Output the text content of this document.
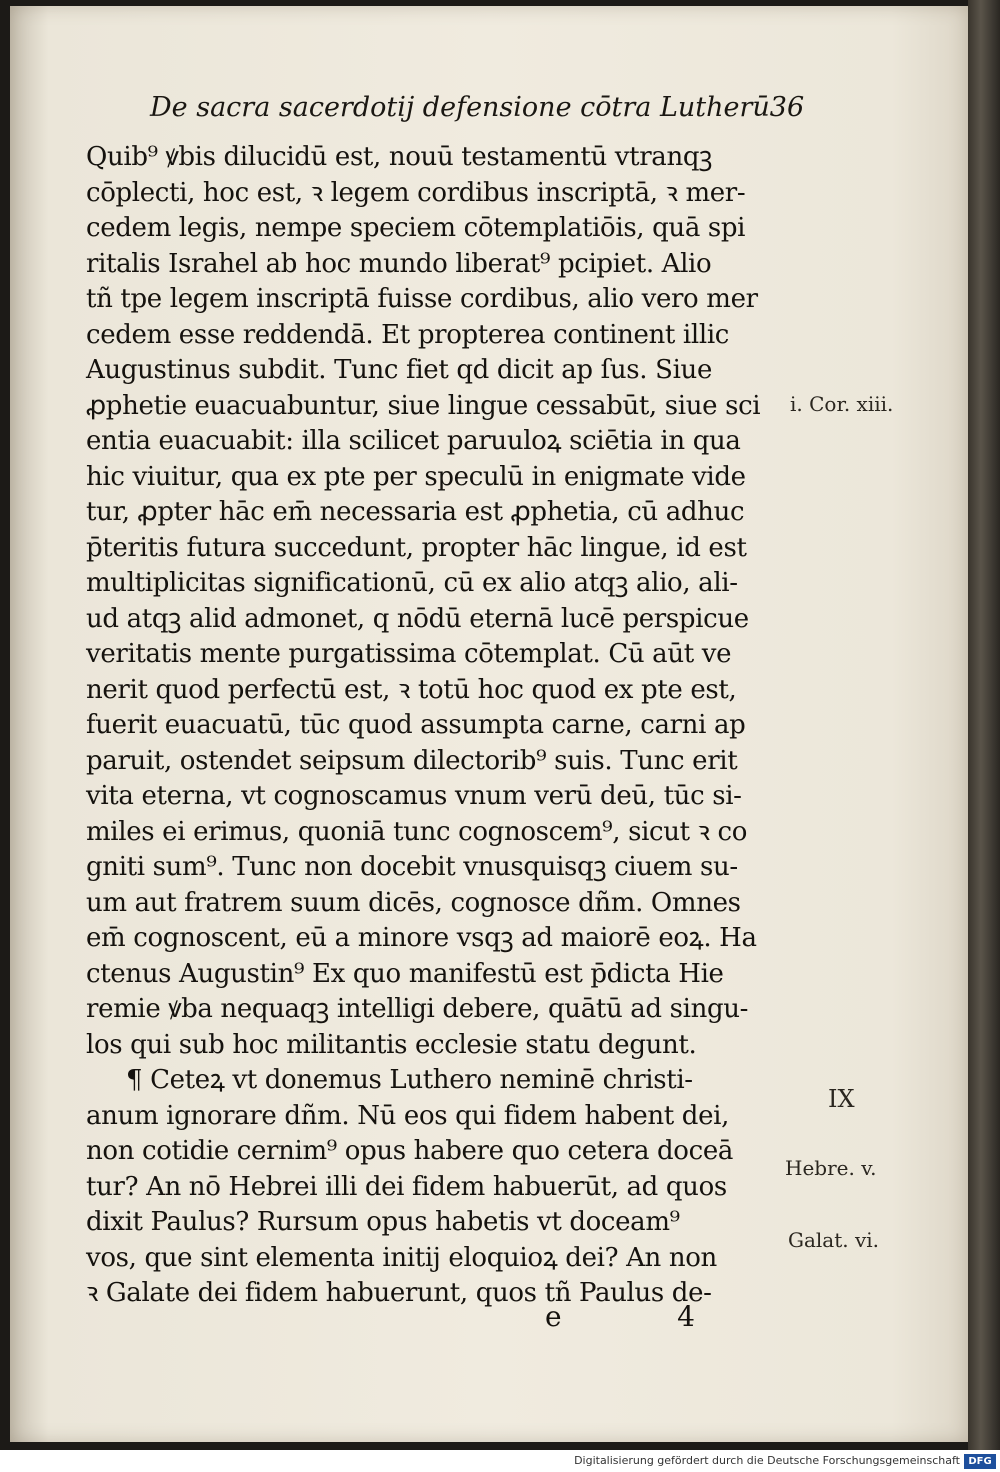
De sacra sacerdotij defensione cōtra Lutherū 36
Quib⁹ ꝟbis dilucidū est, nouū testamentū vtranqꝫ
cōplecti, hoc est, ꝛ legem cordibus inscriptā, ꝛ mer-
cedem legis, nempe speciem cōtemplatiōis, quā spi
ritalis Israhel ab hoc mundo liberat⁹ pcipiet. Alio
tñ tpe legem inscriptā fuisse cordibus, alio vero mer
cedem esse reddendā. Et propterea continent illic
Augustinus subdit. Tunc fiet qd dicit ap ſus. Siue
ꝓphetie euacuabuntur, siue lingue cessabūt, siue sci
entia euacuabit: illa scilicet paruuloꝝ sciētia in qua
hic viuitur, qua ex pte per speculū in enigmate vide
tur, ꝓpter hāc em̄ necessaria est ꝓphetia, cū adhuc
p̄teritis futura succedunt, propter hāc lingue, id est
multiplicitas significationū, cū ex alio atqꝫ alio, ali-
ud atqꝫ alid admonet, q nōdū eternā lucē perspicue
veritatis mente purgatissima cōtemplat. Cū aūt ve
nerit quod perfectū est, ꝛ totū hoc quod ex pte est,
fuerit euacuatū, tūc quod assumpta carne, carni ap
paruit, ostendet seipsum dilectorib⁹ suis. Tunc erit
vita eterna, vt cognoscamus vnum verū deū, tūc si-
miles ei erimus, quoniā tunc cognoscem⁹, sicut ꝛ co
gniti sum⁹. Tunc non docebit vnusquisqꝫ ciuem su-
um aut fratrem suum dicēs, cognosce dñm. Omnes
em̄ cognoscent, eū a minore vsqꝫ ad maiorē eoꝝ. Ha
ctenus Augustin⁹ Ex quo manifestū est p̄dicta Hie
remie ꝟba nequaqꝫ intelligi debere, quātū ad singu-
los qui sub hoc militantis ecclesie statu degunt.
¶ Ceteꝝ vt donemus Luthero neminē christi-
anum ignorare dñm. Nū eos qui fidem habent dei,
non cotidie cernim⁹ opus habere quo cetera doceā
tur? An nō Hebrei illi dei fidem habuerūt, ad quos
dixit Paulus? Rursum opus habetis vt doceam⁹
vos, que sint elementa initij eloquioꝝ dei? An non
ꝛ Galate dei fidem habuerunt, quos tñ Paulus de-
i. Cor. xiii.
IX
Hebre. v.
Galat. vi.
e	4
Digitalisierung gefördert durch die Deutsche Forschungsgemeinschaft DFG
